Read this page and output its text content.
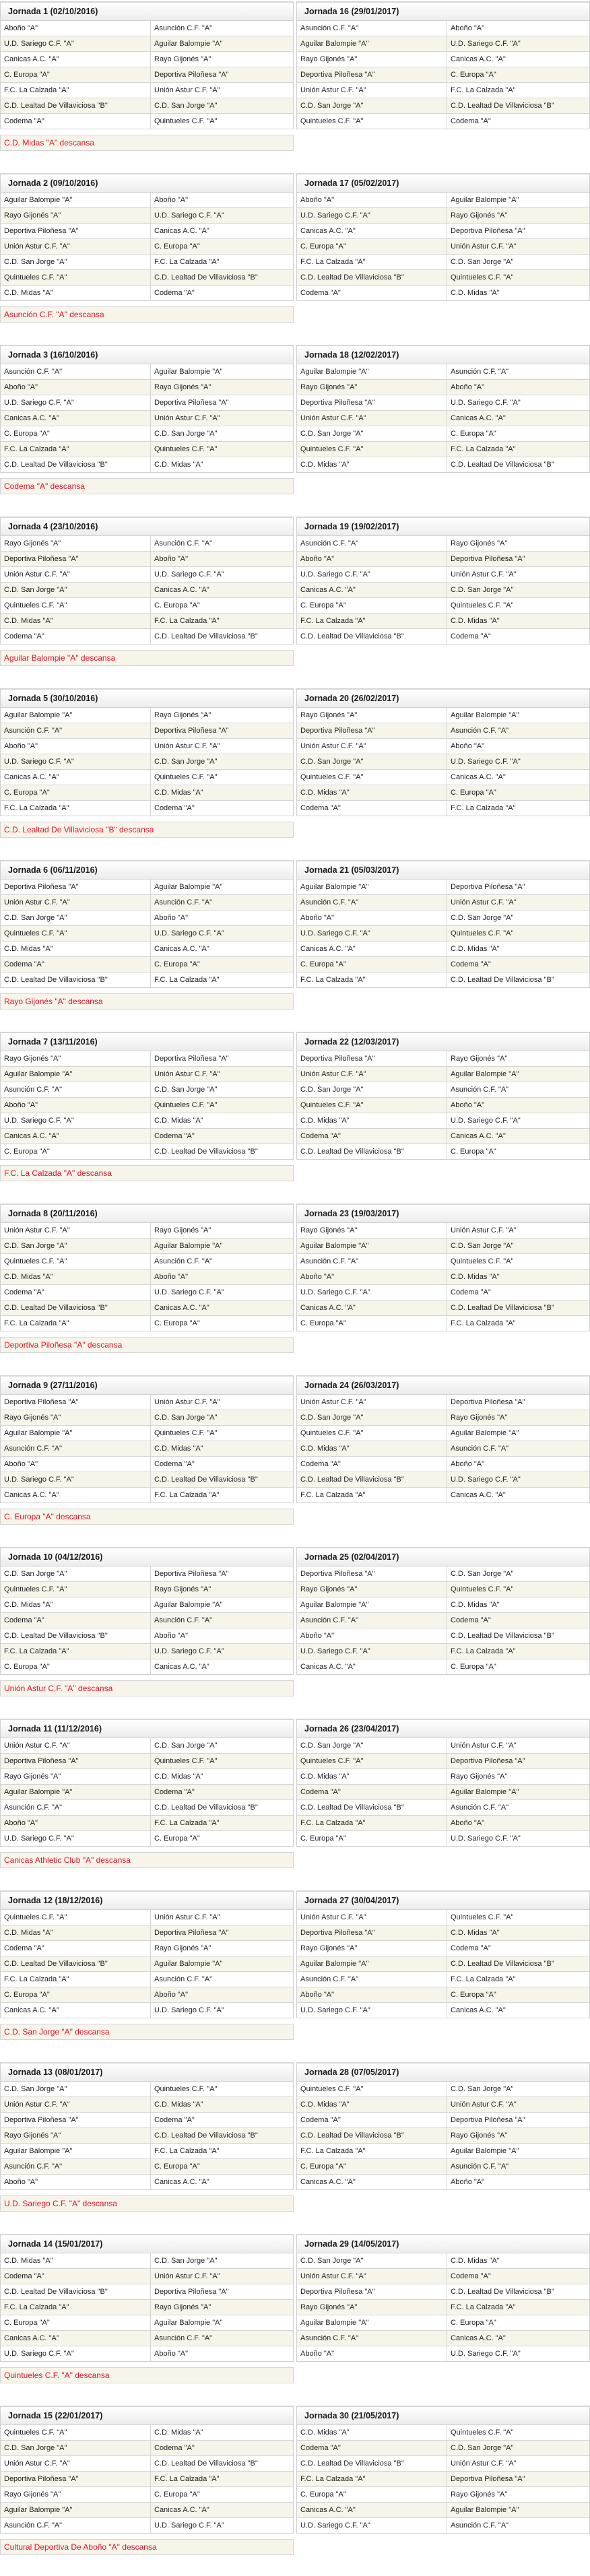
Jornada 1 (02/10/2016)
Aboño "A"	Asunción C.F. "A"
U.D. Sariego C.F. "A"	Aguilar Balompie "A"
Canicas A.C. "A"	Rayo Gijonés "A"
C. Europa "A"	Deportiva Piloñesa "A"
F.C. La Calzada "A"	Unión Astur C.F. "A"
C.D. Lealtad De Villaviciosa "B"	C.D. San Jorge "A"
Codema "A"	Quintueles C.F. "A"
C.D. Midas "A" descansa
Jornada 16 (29/01/2017)
Asunción C.F. "A"	Aboño "A"
Aguilar Balompie "A"	U.D. Sariego C.F. "A"
Rayo Gijonés "A"	Canicas A.C. "A"
Deportiva Piloñesa "A"	C. Europa "A"
Unión Astur C.F. "A"	F.C. La Calzada "A"
C.D. San Jorge "A"	C.D. Lealtad De Villaviciosa "B"
Quintueles C.F. "A"	Codema "A"
Jornada 2 (09/10/2016)
Aguilar Balompie "A"	Aboño "A"
Rayo Gijonés "A"	U.D. Sariego C.F. "A"
Deportiva Piloñesa "A"	Canicas A.C. "A"
Unión Astur C.F. "A"	C. Europa "A"
C.D. San Jorge "A"	F.C. La Calzada "A"
Quintueles C.F. "A"	C.D. Lealtad De Villaviciosa "B"
C.D. Midas "A"	Codema "A"
Asunción C.F. "A" descansa
Jornada 17 (05/02/2017)
Aboño "A"	Aguilar Balompie "A"
U.D. Sariego C.F. "A"	Rayo Gijonés "A"
Canicas A.C. "A"	Deportiva Piloñesa "A"
C. Europa "A"	Unión Astur C.F. "A"
F.C. La Calzada "A"	C.D. San Jorge "A"
C.D. Lealtad De Villaviciosa "B"	Quintueles C.F. "A"
Codema "A"	C.D. Midas "A"
Jornada 3 (16/10/2016)
Asunción C.F. "A"	Aguilar Balompie "A"
Aboño "A"	Rayo Gijonés "A"
U.D. Sariego C.F. "A"	Deportiva Piloñesa "A"
Canicas A.C. "A"	Unión Astur C.F. "A"
C. Europa "A"	C.D. San Jorge "A"
F.C. La Calzada "A"	Quintueles C.F. "A"
C.D. Lealtad De Villaviciosa "B"	C.D. Midas "A"
Codema "A" descansa
Jornada 18 (12/02/2017)
Aguilar Balompie "A"	Asunción C.F. "A"
Rayo Gijonés "A"	Aboño "A"
Deportiva Piloñesa "A"	U.D. Sariego C.F. "A"
Unión Astur C.F. "A"	Canicas A.C. "A"
C.D. San Jorge "A"	C. Europa "A"
Quintueles C.F. "A"	F.C. La Calzada "A"
C.D. Midas "A"	C.D. Lealtad De Villaviciosa "B"
Jornada 4 (23/10/2016)
Rayo Gijonés "A"	Asunción C.F. "A"
Deportiva Piloñesa "A"	Aboño "A"
Unión Astur C.F. "A"	U.D. Sariego C.F. "A"
C.D. San Jorge "A"	Canicas A.C. "A"
Quintueles C.F. "A"	C. Europa "A"
C.D. Midas "A"	F.C. La Calzada "A"
Codema "A"	C.D. Lealtad De Villaviciosa "B"
Aguilar Balompie "A" descansa
Jornada 19 (19/02/2017)
Asunción C.F. "A"	Rayo Gijonés "A"
Aboño "A"	Deportiva Piloñesa "A"
U.D. Sariego C.F. "A"	Unión Astur C.F. "A"
Canicas A.C. "A"	C.D. San Jorge "A"
C. Europa "A"	Quintueles C.F. "A"
F.C. La Calzada "A"	C.D. Midas "A"
C.D. Lealtad De Villaviciosa "B"	Codema "A"
Jornada 5 (30/10/2016)
Aguilar Balompie "A"	Rayo Gijonés "A"
Asunción C.F. "A"	Deportiva Piloñesa "A"
Aboño "A"	Unión Astur C.F. "A"
U.D. Sariego C.F. "A"	C.D. San Jorge "A"
Canicas A.C. "A"	Quintueles C.F. "A"
C. Europa "A"	C.D. Midas "A"
F.C. La Calzada "A"	Codema "A"
C.D. Lealtad De Villaviciosa "B" descansa
Jornada 20 (26/02/2017)
Rayo Gijonés "A"	Aguilar Balompie "A"
Deportiva Piloñesa "A"	Asunción C.F. "A"
Unión Astur C.F. "A"	Aboño "A"
C.D. San Jorge "A"	U.D. Sariego C.F. "A"
Quintueles C.F. "A"	Canicas A.C. "A"
C.D. Midas "A"	C. Europa "A"
Codema "A"	F.C. La Calzada "A"
Jornada 6 (06/11/2016)
Deportiva Piloñesa "A"	Aguilar Balompie "A"
Unión Astur C.F. "A"	Asunción C.F. "A"
C.D. San Jorge "A"	Aboño "A"
Quintueles C.F. "A"	U.D. Sariego C.F. "A"
C.D. Midas "A"	Canicas A.C. "A"
Codema "A"	C. Europa "A"
C.D. Lealtad De Villaviciosa "B"	F.C. La Calzada "A"
Rayo Gijonés "A" descansa
Jornada 21 (05/03/2017)
Aguilar Balompie "A"	Deportiva Piloñesa "A"
Asunción C.F. "A"	Unión Astur C.F. "A"
Aboño "A"	C.D. San Jorge "A"
U.D. Sariego C.F. "A"	Quintueles C.F. "A"
Canicas A.C. "A"	C.D. Midas "A"
C. Europa "A"	Codema "A"
F.C. La Calzada "A"	C.D. Lealtad De Villaviciosa "B"
Jornada 7 (13/11/2016)
Rayo Gijonés "A"	Deportiva Piloñesa "A"
Aguilar Balompie "A"	Unión Astur C.F. "A"
Asunción C.F. "A"	C.D. San Jorge "A"
Aboño "A"	Quintueles C.F. "A"
U.D. Sariego C.F. "A"	C.D. Midas "A"
Canicas A.C. "A"	Codema "A"
C. Europa "A"	C.D. Lealtad De Villaviciosa "B"
F.C. La Calzada "A" descansa
Jornada 22 (12/03/2017)
Deportiva Piloñesa "A"	Rayo Gijonés "A"
Unión Astur C.F. "A"	Aguilar Balompie "A"
C.D. San Jorge "A"	Asunción C.F. "A"
Quintueles C.F. "A"	Aboño "A"
C.D. Midas "A"	U.D. Sariego C.F. "A"
Codema "A"	Canicas A.C. "A"
C.D. Lealtad De Villaviciosa "B"	C. Europa "A"
Jornada 8 (20/11/2016)
Unión Astur C.F. "A"	Rayo Gijonés "A"
C.D. San Jorge "A"	Aguilar Balompie "A"
Quintueles C.F. "A"	Asunción C.F. "A"
C.D. Midas "A"	Aboño "A"
Codema "A"	U.D. Sariego C.F. "A"
C.D. Lealtad De Villaviciosa "B"	Canicas A.C. "A"
F.C. La Calzada "A"	C. Europa "A"
Deportiva Piloñesa "A" descansa
Jornada 23 (19/03/2017)
Rayo Gijonés "A"	Unión Astur C.F. "A"
Aguilar Balompie "A"	C.D. San Jorge "A"
Asunción C.F. "A"	Quintueles C.F. "A"
Aboño "A"	C.D. Midas "A"
U.D. Sariego C.F. "A"	Codema "A"
Canicas A.C. "A"	C.D. Lealtad De Villaviciosa "B"
C. Europa "A"	F.C. La Calzada "A"
Jornada 9 (27/11/2016)
Deportiva Piloñesa "A"	Unión Astur C.F. "A"
Rayo Gijonés "A"	C.D. San Jorge "A"
Aguilar Balompie "A"	Quintueles C.F. "A"
Asunción C.F. "A"	C.D. Midas "A"
Aboño "A"	Codema "A"
U.D. Sariego C.F. "A"	C.D. Lealtad De Villaviciosa "B"
Canicas A.C. "A"	F.C. La Calzada "A"
C. Europa "A" descansa
Jornada 24 (26/03/2017)
Unión Astur C.F. "A"	Deportiva Piloñesa "A"
C.D. San Jorge "A"	Rayo Gijonés "A"
Quintueles C.F. "A"	Aguilar Balompie "A"
C.D. Midas "A"	Asunción C.F. "A"
Codema "A"	Aboño "A"
C.D. Lealtad De Villaviciosa "B"	U.D. Sariego C.F. "A"
F.C. La Calzada "A"	Canicas A.C. "A"
Jornada 10 (04/12/2016)
C.D. San Jorge "A"	Deportiva Piloñesa "A"
Quintueles C.F. "A"	Rayo Gijonés "A"
C.D. Midas "A"	Aguilar Balompie "A"
Codema "A"	Asunción C.F. "A"
C.D. Lealtad De Villaviciosa "B"	Aboño "A"
F.C. La Calzada "A"	U.D. Sariego C.F. "A"
C. Europa "A"	Canicas A.C. "A"
Unión Astur C.F. "A" descansa
Jornada 25 (02/04/2017)
Deportiva Piloñesa "A"	C.D. San Jorge "A"
Rayo Gijonés "A"	Quintueles C.F. "A"
Aguilar Balompie "A"	C.D. Midas "A"
Asunción C.F. "A"	Codema "A"
Aboño "A"	C.D. Lealtad De Villaviciosa "B"
U.D. Sariego C.F. "A"	F.C. La Calzada "A"
Canicas A.C. "A"	C. Europa "A"
Jornada 11 (11/12/2016)
Unión Astur C.F. "A"	C.D. San Jorge "A"
Deportiva Piloñesa "A"	Quintueles C.F. "A"
Rayo Gijonés "A"	C.D. Midas "A"
Aguilar Balompie "A"	Codema "A"
Asunción C.F. "A"	C.D. Lealtad De Villaviciosa "B"
Aboño "A"	F.C. La Calzada "A"
U.D. Sariego C.F. "A"	C. Europa "A"
Canicas Athletic Club "A" descansa
Jornada 26 (23/04/2017)
C.D. San Jorge "A"	Unión Astur C.F. "A"
Quintueles C.F. "A"	Deportiva Piloñesa "A"
C.D. Midas "A"	Rayo Gijonés "A"
Codema "A"	Aguilar Balompie "A"
C.D. Lealtad De Villaviciosa "B"	Asunción C.F. "A"
F.C. La Calzada "A"	Aboño "A"
C. Europa "A"	U.D. Sariego C.F. "A"
Jornada 12 (18/12/2016)
Quintueles C.F. "A"	Unión Astur C.F. "A"
C.D. Midas "A"	Deportiva Piloñesa "A"
Codema "A"	Rayo Gijonés "A"
C.D. Lealtad De Villaviciosa "B"	Aguilar Balompie "A"
F.C. La Calzada "A"	Asunción C.F. "A"
C. Europa "A"	Aboño "A"
Canicas A.C. "A"	U.D. Sariego C.F. "A"
C.D. San Jorge "A" descansa
Jornada 27 (30/04/2017)
Unión Astur C.F. "A"	Quintueles C.F. "A"
Deportiva Piloñesa "A"	C.D. Midas "A"
Rayo Gijonés "A"	Codema "A"
Aguilar Balompie "A"	C.D. Lealtad De Villaviciosa "B"
Asunción C.F. "A"	F.C. La Calzada "A"
Aboño "A"	C. Europa "A"
U.D. Sariego C.F. "A"	Canicas A.C. "A"
Jornada 13 (08/01/2017)
C.D. San Jorge "A"	Quintueles C.F. "A"
Unión Astur C.F. "A"	C.D. Midas "A"
Deportiva Piloñesa "A"	Codema "A"
Rayo Gijonés "A"	C.D. Lealtad De Villaviciosa "B"
Aguilar Balompie "A"	F.C. La Calzada "A"
Asunción C.F. "A"	C. Europa "A"
Aboño "A"	Canicas A.C. "A"
U.D. Sariego C.F. "A" descansa
Jornada 28 (07/05/2017)
Quintueles C.F. "A"	C.D. San Jorge "A"
C.D. Midas "A"	Unión Astur C.F. "A"
Codema "A"	Deportiva Piloñesa "A"
C.D. Lealtad De Villaviciosa "B"	Rayo Gijonés "A"
F.C. La Calzada "A"	Aguilar Balompie "A"
C. Europa "A"	Asunción C.F. "A"
Canicas A.C. "A"	Aboño "A"
Jornada 14 (15/01/2017)
C.D. Midas "A"	C.D. San Jorge "A"
Codema "A"	Unión Astur C.F. "A"
C.D. Lealtad De Villaviciosa "B"	Deportiva Piloñesa "A"
F.C. La Calzada "A"	Rayo Gijonés "A"
C. Europa "A"	Aguilar Balompie "A"
Canicas A.C. "A"	Asunción C.F. "A"
U.D. Sariego C.F. "A"	Aboño "A"
Quintueles C.F. "A" descansa
Jornada 29 (14/05/2017)
C.D. San Jorge "A"	C.D. Midas "A"
Unión Astur C.F. "A"	Codema "A"
Deportiva Piloñesa "A"	C.D. Lealtad De Villaviciosa "B"
Rayo Gijonés "A"	F.C. La Calzada "A"
Aguilar Balompie "A"	C. Europa "A"
Asunción C.F. "A"	Canicas A.C. "A"
Aboño "A"	U.D. Sariego C.F. "A"
Jornada 15 (22/01/2017)
Quintueles C.F. "A"	C.D. Midas "A"
C.D. San Jorge "A"	Codema "A"
Unión Astur C.F. "A"	C.D. Lealtad De Villaviciosa "B"
Deportiva Piloñesa "A"	F.C. La Calzada "A"
Rayo Gijonés "A"	C. Europa "A"
Aguilar Balompie "A"	Canicas A.C. "A"
Asunción C.F. "A"	U.D. Sariego C.F. "A"
Cultural Deportiva De Aboño "A" descansa
Jornada 30 (21/05/2017)
C.D. Midas "A"	Quintueles C.F. "A"
Codema "A"	C.D. San Jorge "A"
C.D. Lealtad De Villaviciosa "B"	Unión Astur C.F. "A"
F.C. La Calzada "A"	Deportiva Piloñesa "A"
C. Europa "A"	Rayo Gijonés "A"
Canicas A.C. "A"	Aguilar Balompie "A"
U.D. Sariego C.F. "A"	Asunción C.F. "A"
